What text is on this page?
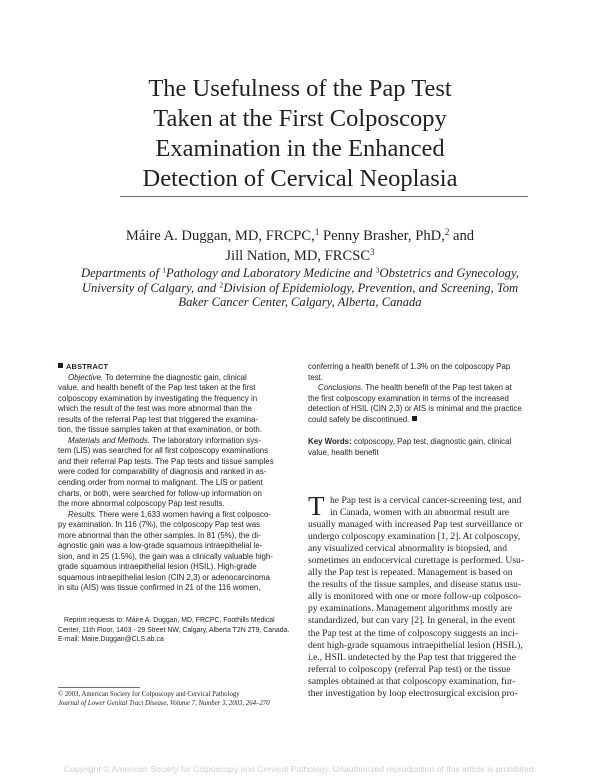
The Usefulness of the Pap Test
Taken at the First Colposcopy
Examination in the Enhanced
Detection of Cervical Neoplasia
Máire A. Duggan, MD, FRCPC,$^1$ Penny Brasher, PhD,$^2$ and
Jill Nation, MD, FRCSC$^3$
Departments of $^1$Pathology and Laboratory Medicine and $^3$Obstetrics and Gynecology,
University of Calgary, and $^2$Division of Epidemiology, Prevention, and Screening, Tom
Baker Cancer Center, Calgary, Alberta, Canada
ABSTRACT
Objective. To determine the diagnostic gain, clinical
value, and health benefit of the Pap test taken at the first
colposcopy examination by investigating the frequency in
which the result of the test was more abnormal than the
results of the referral Pap test that triggered the examina-
tion, the tissue samples taken at that examination, or both.
Materials and Methods. The laboratory information sys-
tem (LIS) was searched for all first colposcopy examinations
and their referral Pap tests. The Pap tests and tissue samples
were coded for comparability of diagnosis and ranked in as-
cending order from normal to malignant. The LIS or patient
charts, or both, were searched for follow-up information on
the more abnormal colposcopy Pap test results.
Results. There were 1,633 women having a first colposco-
py examination. In 116 (7%), the colposcopy Pap test was
more abnormal than the other samples. In 81 (5%), the di-
agnostic gain was a low-grade squamous intraepithelial le-
sion, and in 25 (1.5%), the gain was a clinically valuable high-
grade squamous intraepithelial lesion (HSIL). High-grade
squamous intraepithelial lesion (CIN 2,3) or adenocarcinoma
in situ (AIS) was tissue confirmed in 21 of the 116 women,
Reprint requests to: Máire A. Duggan, MD, FRCPC, Foothills Medical
Center, 11th Floor, 1403 - 29 Street NW, Calgary, Alberta T2N 2T9, Canada.
E-mail: Maire.Duggan@CLS.ab.ca
© 2003, American Society for Colposcopy and Cervical Pathology
Journal of Lower Genital Tract Disease, Volume 7, Number 3, 2003, 264–270
conferring a health benefit of 1.3% on the colposcopy Pap
test.
Conclusions. The health benefit of the Pap test taken at
the first colposcopy examination in terms of the increased
detection of HSIL (CIN 2,3) or AIS is minimal and the practice
could safely be discontinued.
Key Words: colposcopy, Pap test, diagnostic gain, clinical
value, health benefit
T he Pap test is a cervical cancer-screening test, and
in Canada, women with an abnormal result are
usually managed with increased Pap test surveillance or
undergo colposcopy examination [1, 2]. At colposcopy,
any visualized cervical abnormality is biopsied, and
sometimes an endocervical curettage is performed. Usu-
ally the Pap test is repeated. Management is based on
the results of the tissue samples, and disease status usu-
ally is monitored with one or more follow-up colposco-
py examinations. Management algorithms mostly are
standardized, but can vary [2]. In general, in the event
the Pap test at the time of colposcopy suggests an inci-
dent high-grade squamous intraepithelial lesion (HSIL),
i.e., HSIL undetected by the Pap test that triggered the
referral to colposcopy (referral Pap test) or the tissue
samples obtained at that colposcopy examination, fur-
ther investigation by loop electrosurgical excision pro-
Copyright © American Society for Colposcopy and Cervical Pathology. Unauthorized reproduction of this article is prohibited.
